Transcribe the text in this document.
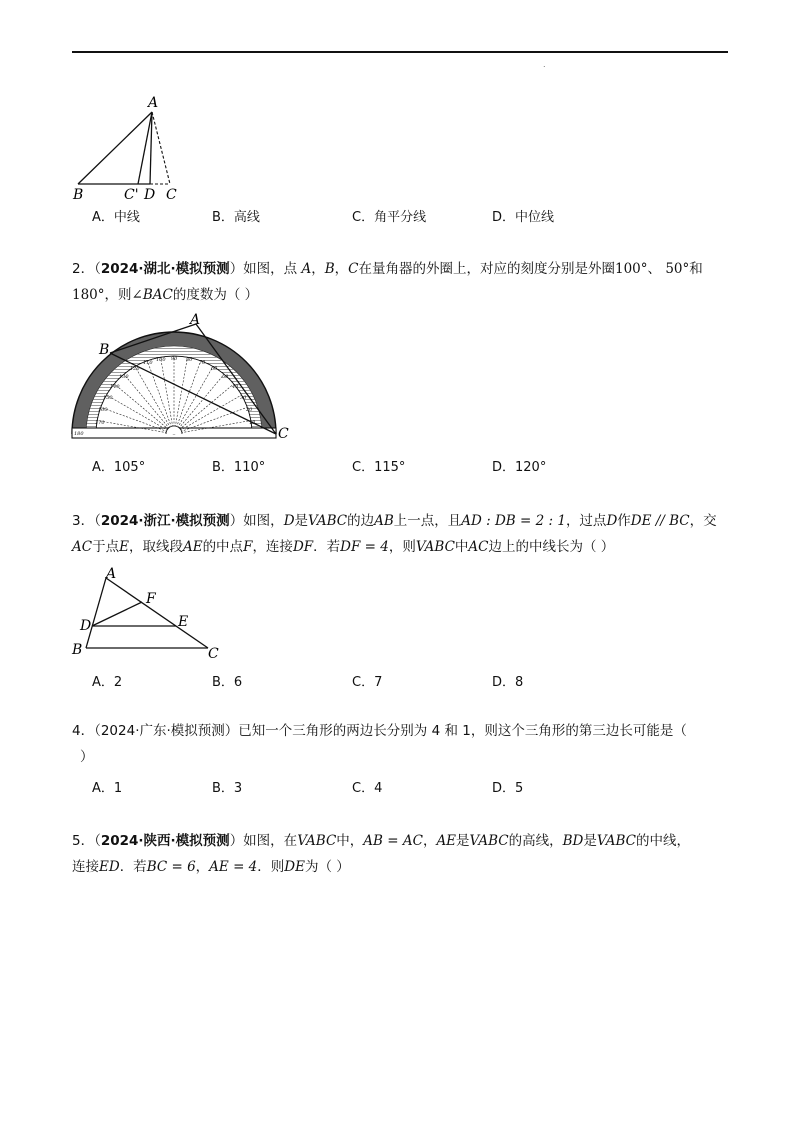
.
A
B	C' D C
A．中线	B．高线	C．角平分线	D．中位线
2．（2024·湖北·模拟预测）如图，点 A，B，C在量角器的外圈上，对应的刻度分别是外圈100°、 50°和
180°，则∠BAC的度数为（ ）
10
20
30
40
50
60
70
80
90
100
110
120
130
140
150
160
170
180
A
B
C
A．105°	B．110°	C．115°	D．120°
3．（2024·浙江·模拟预测）如图，D是VABC的边AB上一点，且AD : DB = 2 : 1，过点D作DE // BC，交
AC于点E，取线段AE的中点F，连接DF．若DF = 4，则VABC中AC边上的中线长为（ ）
A
F
D	E
B	C
A．2	B．6	C．7	D．8
4．（2024·广东·模拟预测）已知一个三角形的两边长分别为 4 和 1，则这个三角形的第三边长可能是（
）
A．1	B．3	C．4	D．5
5．（2024·陕西·模拟预测）如图，在VABC中，AB = AC，AE是VABC的高线，BD是VABC的中线，
连接ED．若BC = 6，AE = 4．则DE为（ ）
